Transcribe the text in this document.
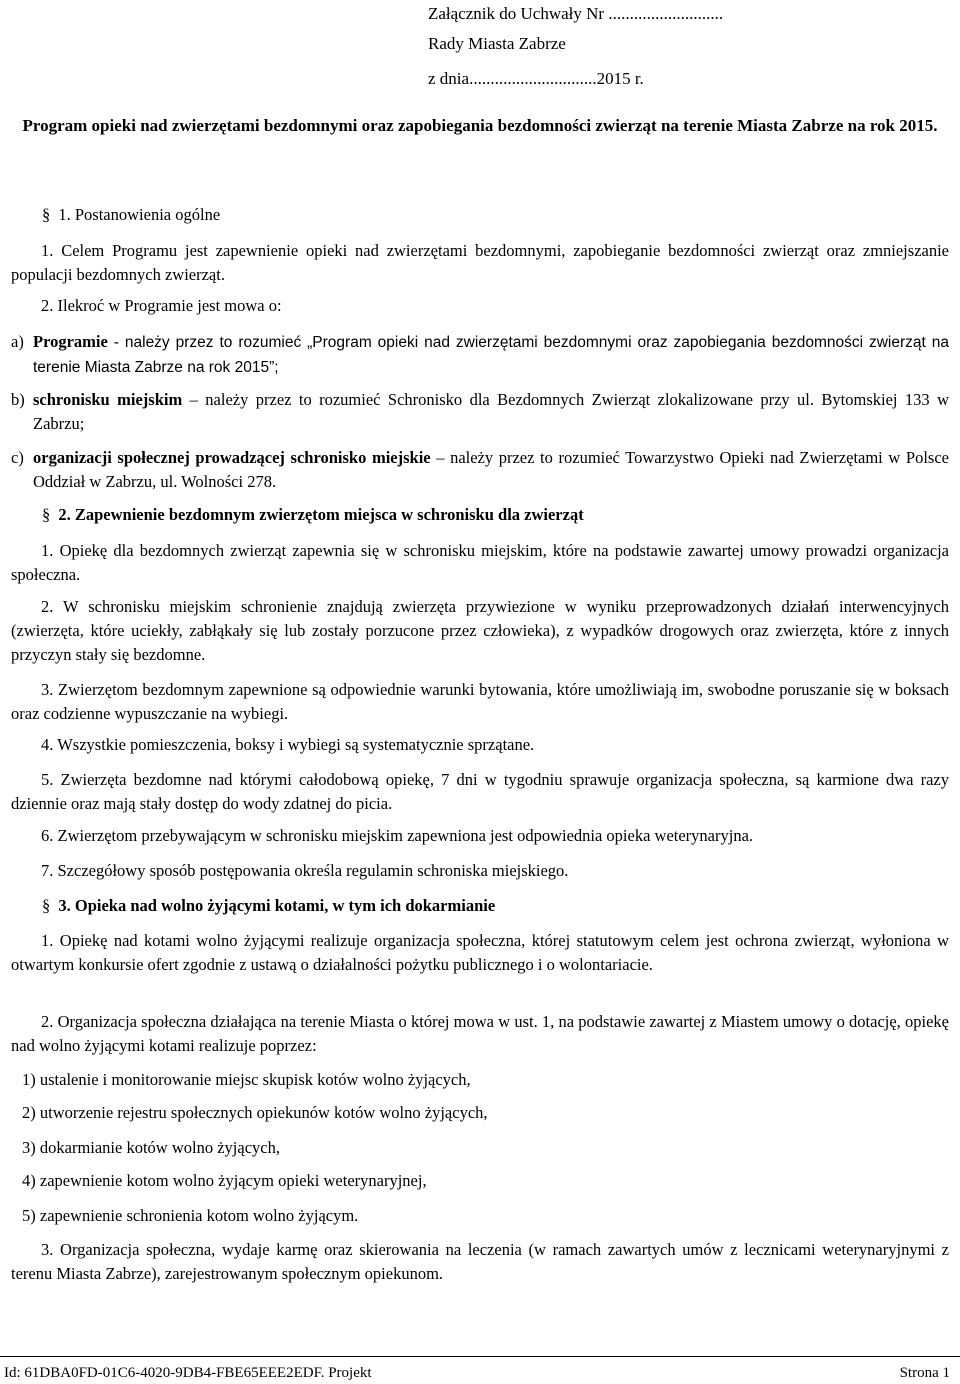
Załącznik do Uchwały Nr ...........................
Rady Miasta Zabrze
z dnia..............................2015 r.
Program opieki nad zwierzętami bezdomnymi oraz zapobiegania bezdomności zwierząt na terenie Miasta Zabrze na rok 2015.
§ 1. Postanowienia ogólne
1. Celem Programu jest zapewnienie opieki nad zwierzętami bezdomnymi, zapobieganie bezdomności zwierząt oraz zmniejszanie populacji bezdomnych zwierząt.
2. Ilekroć w Programie jest mowa o:
a) Programie - należy przez to rozumieć „Program opieki nad zwierzętami bezdomnymi oraz zapobiegania bezdomności zwierząt na terenie Miasta Zabrze na rok 2015”;
b) schronisku miejskim – należy przez to rozumieć Schronisko dla Bezdomnych Zwierząt zlokalizowane przy ul. Bytomskiej 133 w Zabrzu;
c) organizacji społecznej prowadzącej schronisko miejskie – należy przez to rozumieć Towarzystwo Opieki nad Zwierzętami w Polsce Oddział w Zabrzu, ul. Wolności 278.
§ 2. Zapewnienie bezdomnym zwierzętom miejsca w schronisku dla zwierząt
1. Opiekę dla bezdomnych zwierząt zapewnia się w schronisku miejskim, które na podstawie zawartej umowy prowadzi organizacja społeczna.
2. W schronisku miejskim schronienie znajdują zwierzęta przywiezione w wyniku przeprowadzonych działań interwencyjnych (zwierzęta, które uciekły, zabłąkały się lub zostały porzucone przez człowieka), z wypadków drogowych oraz zwierzęta, które z innych przyczyn stały się bezdomne.
3. Zwierzętom bezdomnym zapewnione są odpowiednie warunki bytowania, które umożliwiają im, swobodne poruszanie się w boksach oraz codzienne wypuszczanie na wybiegi.
4. Wszystkie pomieszczenia, boksy i wybiegi są systematycznie sprzątane.
5. Zwierzęta bezdomne nad którymi całodobową opiekę, 7 dni w tygodniu sprawuje organizacja społeczna, są karmione dwa razy dziennie oraz mają stały dostęp do wody zdatnej do picia.
6. Zwierzętom przebywającym w schronisku miejskim zapewniona jest odpowiednia opieka weterynaryjna.
7. Szczegółowy sposób postępowania określa regulamin schroniska miejskiego.
§ 3. Opieka nad wolno żyjącymi kotami, w tym ich dokarmianie
1. Opiekę nad kotami wolno żyjącymi realizuje organizacja społeczna, której statutowym celem jest ochrona zwierząt, wyłoniona w otwartym konkursie ofert zgodnie z ustawą o działalności pożytku publicznego i o wolontariacie.
2. Organizacja społeczna działająca na terenie Miasta o której mowa w ust. 1, na podstawie zawartej z Miastem umowy o dotację, opiekę nad wolno żyjącymi kotami realizuje poprzez:
1) ustalenie i monitorowanie miejsc skupisk kotów wolno żyjących,
2) utworzenie rejestru społecznych opiekunów kotów wolno żyjących,
3) dokarmianie kotów wolno żyjących,
4) zapewnienie kotom wolno żyjącym opieki weterynaryjnej,
5) zapewnienie schronienia kotom wolno żyjącym.
3. Organizacja społeczna, wydaje karmę oraz skierowania na leczenia (w ramach zawartych umów z lecznicami weterynaryjnymi z terenu Miasta Zabrze), zarejestrowanym społecznym opiekunom.
Id: 61DBA0FD-01C6-4020-9DB4-FBE65EEE2EDF. Projekt	Strona 1
